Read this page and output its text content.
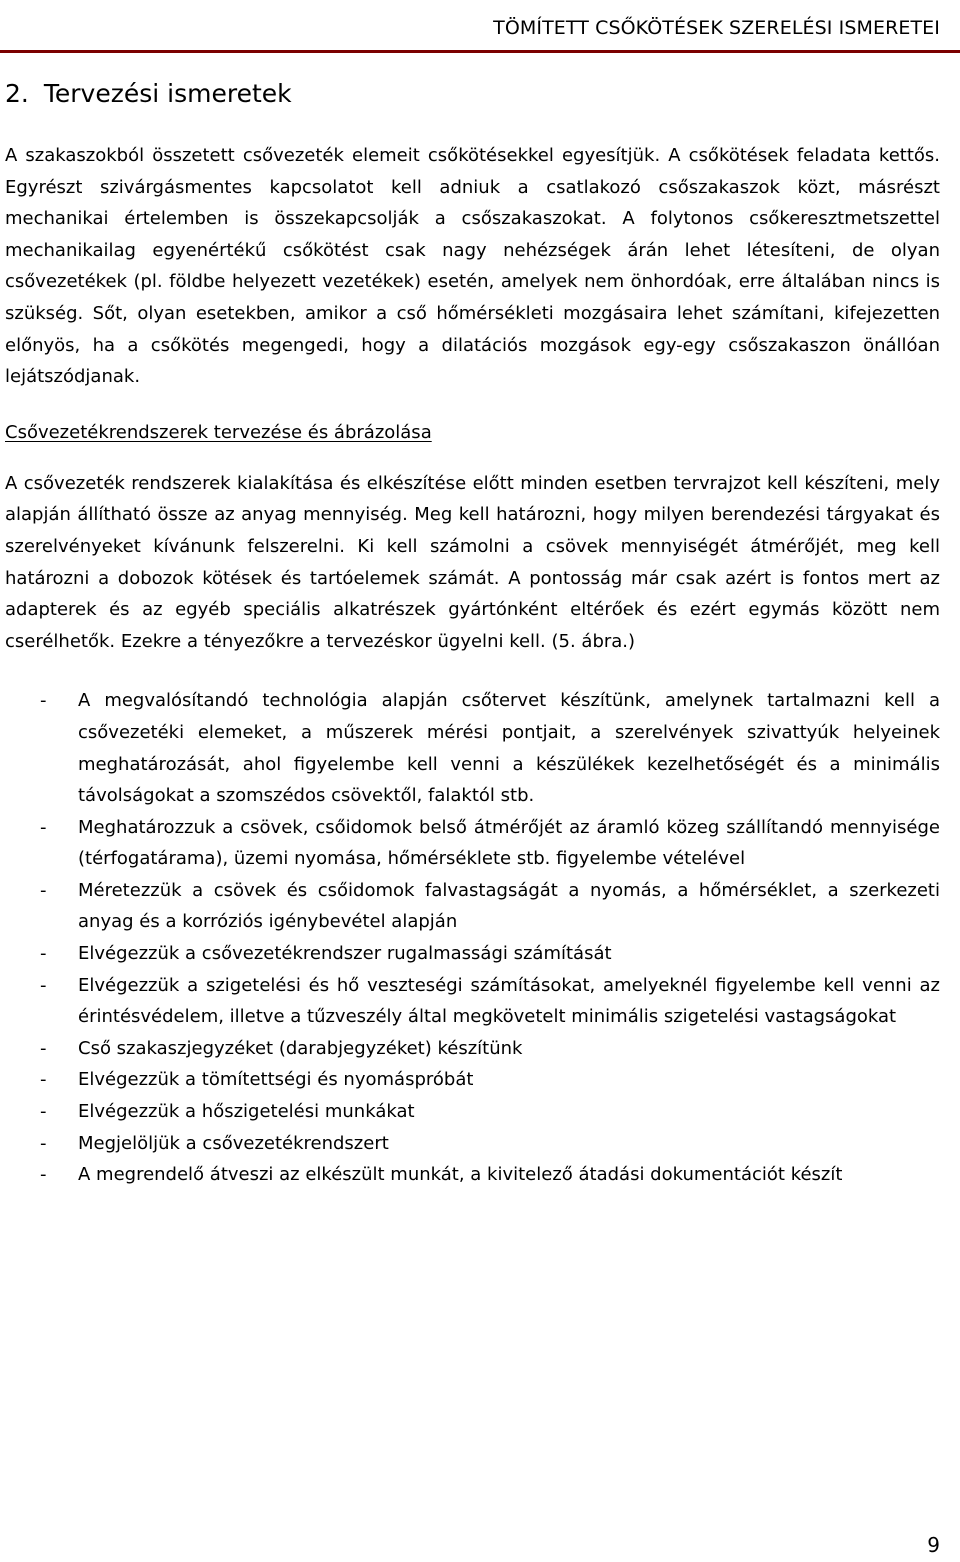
TÖMÍTETT CSŐKÖTÉSEK SZERELÉSI ISMERETEI
2. Tervezési ismeretek

A szakaszokból összetett csővezeték elemeit csőkötésekkel egyesítjük. A csőkötések feladata kettős. Egyrészt szivárgásmentes kapcsolatot kell adniuk a csatlakozó csőszakaszok közt, másrészt mechanikai értelemben is összekapcsolják a csőszakaszokat. A folytonos csőkeresztmetszettel mechanikailag egyenértékű csőkötést csak nagy nehézségek árán lehet létesíteni, de olyan csővezetékek (pl. földbe helyezett vezetékek) esetén, amelyek nem önhordóak, erre általában nincs is szükség. Sőt, olyan esetekben, amikor a cső hőmérsékleti mozgásaira lehet számítani, kifejezetten előnyös, ha a csőkötés megengedi, hogy a dilatációs mozgások egy-egy csőszakaszon önállóan lejátszódjanak.

Csővezetékrendszerek tervezése és ábrázolása

A csővezeték rendszerek kialakítása és elkészítése előtt minden esetben tervrajzot kell készíteni, mely alapján állítható össze az anyag mennyiség. Meg kell határozni, hogy milyen berendezési tárgyakat és szerelvényeket kívánunk felszerelni. Ki kell számolni a csövek mennyiségét átmérőjét, meg kell határozni a dobozok kötések és tartóelemek számát. A pontosság már csak azért is fontos mert az adapterek és az egyéb speciális alkatrészek gyártónként eltérőek és ezért egymás között nem cserélhetők. Ezekre a tényezőkre a tervezéskor ügyelni kell. (5. ábra.)

- A megvalósítandó technológia alapján csőtervet készítünk, amelynek tartalmazni kell a csővezetéki elemeket, a műszerek mérési pontjait, a szerelvények szivattyúk helyeinek meghatározását, ahol figyelembe kell venni a készülékek kezelhetőségét és a minimális távolságokat a szomszédos csövektől, falaktól stb.
- Meghatározzuk a csövek, csőidomok belső átmérőjét az áramló közeg szállítandó mennyisége (térfogatárama), üzemi nyomása, hőmérséklete stb. figyelembe vételével
- Méretezzük a csövek és csőidomok falvastagságát a nyomás, a hőmérséklet, a szerkezeti anyag és a korróziós igénybevétel alapján
- Elvégezzük a csővezetékrendszer rugalmassági számítását
- Elvégezzük a szigetelési és hő veszteségi számításokat, amelyeknél figyelembe kell venni az érintésvédelem, illetve a tűzveszély által megkövetelt minimális szigetelési vastagságokat
- Cső szakaszjegyzéket (darabjegyzéket) készítünk
- Elvégezzük a tömítettségi és nyomáspróbát
- Elvégezzük a hőszigetelési munkákat
- Megjelöljük a csővezetékrendszert
- A megrendelő átveszi az elkészült munkát, a kivitelező átadási dokumentációt készít
9
